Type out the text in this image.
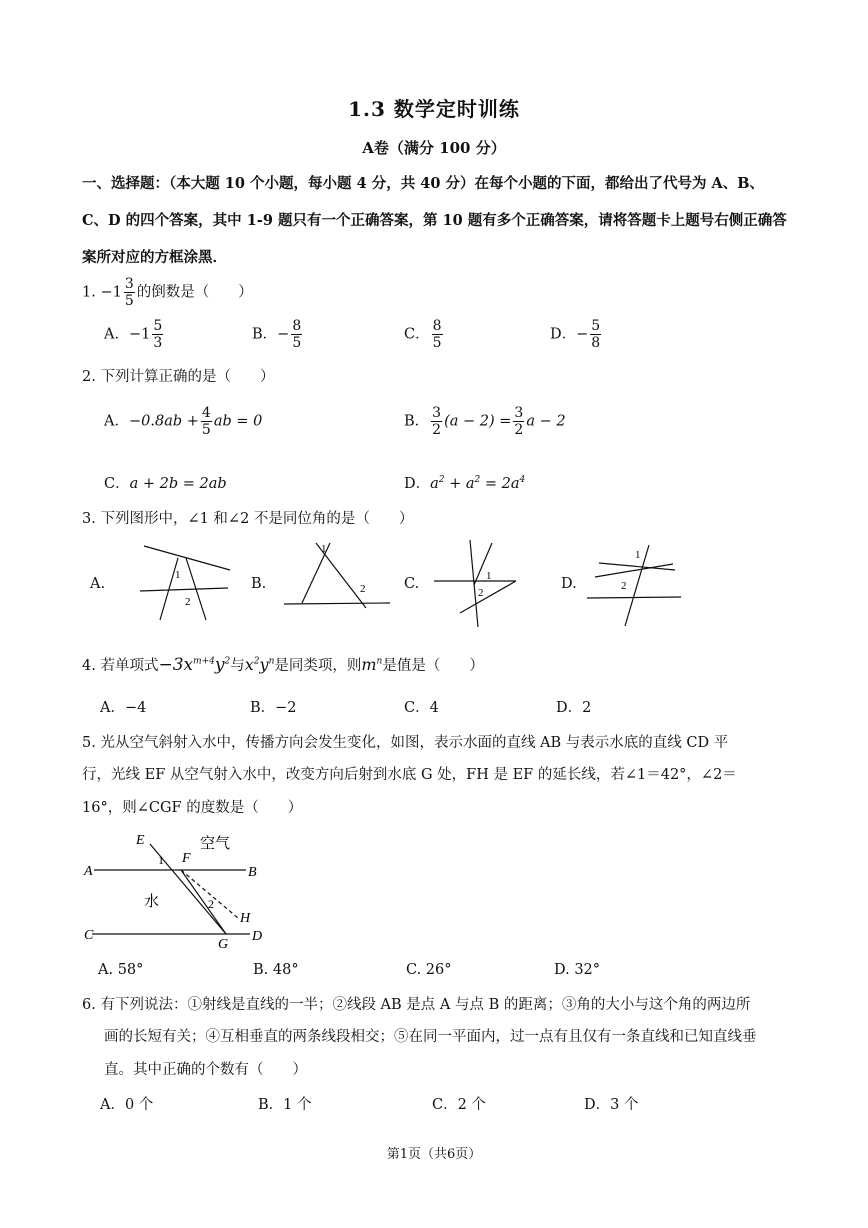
1.3 数学定时训练
A卷（满分 100 分）
一、选择题：（本大题 10 个小题，每小题 4 分，共 40 分）在每个小题的下面，都给出了代号为 A、B、C、D 的四个答案，其中 1-9 题只有一个正确答案，第 10 题有多个正确答案，请将答题卡上题号右侧正确答案所对应的方框涂黑．
1. $-1 \frac{3}{5}$ 的倒数是（　　）
A．$-1 \frac{5}{3}$	B．− $\frac{8}{5}$	C． $\frac{8}{5}$	D．− $\frac{5}{8}$
2. 下列计算正确的是（　　）
A．$-0.8ab + \frac{4}{5}$ ab = 0	B． $\frac{3}{2} (a - 2) = \frac{3}{2}$ a − 2
C．a + 2b = 2ab	D．$a^2 + a^2 = 2a^4$
3. 下列图形中，∠1 和∠2 不是同位角的是（　　）
A.	B.	C.	D.
1
2
1
2
1
2
1
2
4. 若单项式$-3x^{m+4}y^2$与$x^2y^n$是同类项，则$m^n$是值是（　　）
A．−4	B．−2	C．4	D．2
5. 光从空气斜射入水中，传播方向会发生变化，如图，表示水面的直线 AB 与表示水底的直线 CD 平
行，光线 EF 从空气射入水中，改变方向后射到水底 G 处，FH 是 EF 的延长线，若∠1＝42°，∠2＝
16°，则∠CGF 的度数是（　　）
E
F
A	B
C	D
G
H
1
2
空气
水
A. 58°	B. 48°	C. 26°	D. 32°
6. 有下列说法：①射线是直线的一半；②线段 AB 是点 A 与点 B 的距离；③角的大小与这个角的两边所
画的长短有关；④互相垂直的两条线段相交；⑤在同一平面内，过一点有且仅有一条直线和已知直线垂
直。其中正确的个数有（　　）
A．0 个	B．1 个	C．2 个	D．3 个
第1页（共6页）
